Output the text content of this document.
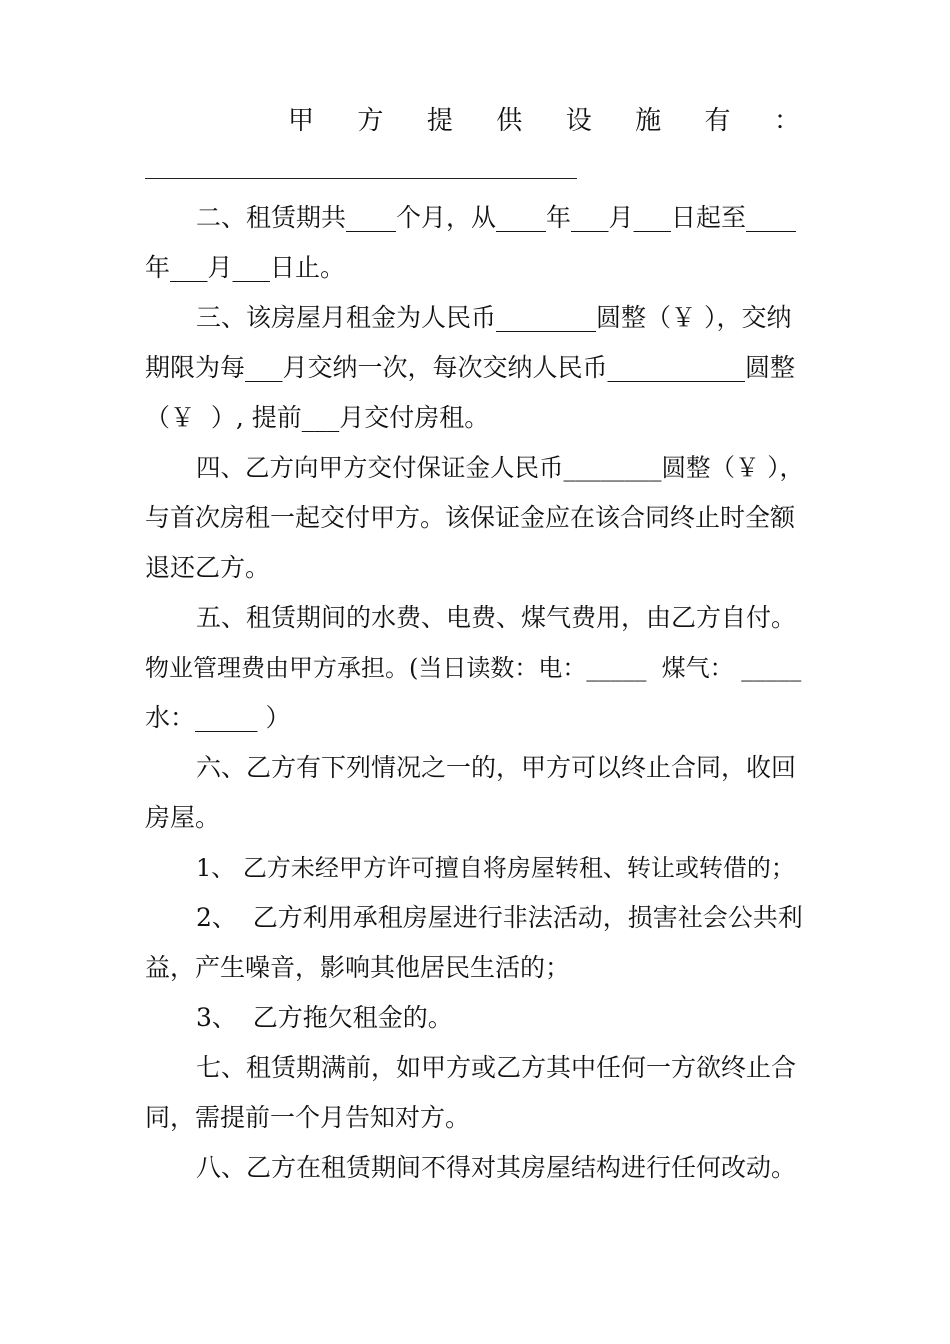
甲 方 提 供 设 施 有 ：
二、租赁期共____个月，从____年___月___日起至____
年___月___日止。
三、该房屋月租金为人民币________圆整（￥ ），交纳
期限为每___月交纳一次，每次交纳人民币___________圆整
（￥  ）, 提前___月交付房租。
四、乙方向甲方交付保证金人民币________圆整（￥ ），
与首次房租一起交付甲方。该保证金应在该合同终止时全额
退还乙方。
五、租赁期间的水费、电费、煤气费用，由乙方自付。
物业管理费由甲方承担。(当日读数：电：_____  煤气： _____
水：_____ ）
六、乙方有下列情况之一的，甲方可以终止合同，收回
房屋。
1、 乙方未经甲方许可擅自将房屋转租、转让或转借的；
2、  乙方利用承租房屋进行非法活动，损害社会公共利
益，产生噪音，影响其他居民生活的；
3、  乙方拖欠租金的。
七、租赁期满前，如甲方或乙方其中任何一方欲终止合
同，需提前一个月告知对方。
八、乙方在租赁期间不得对其房屋结构进行任何改动。
